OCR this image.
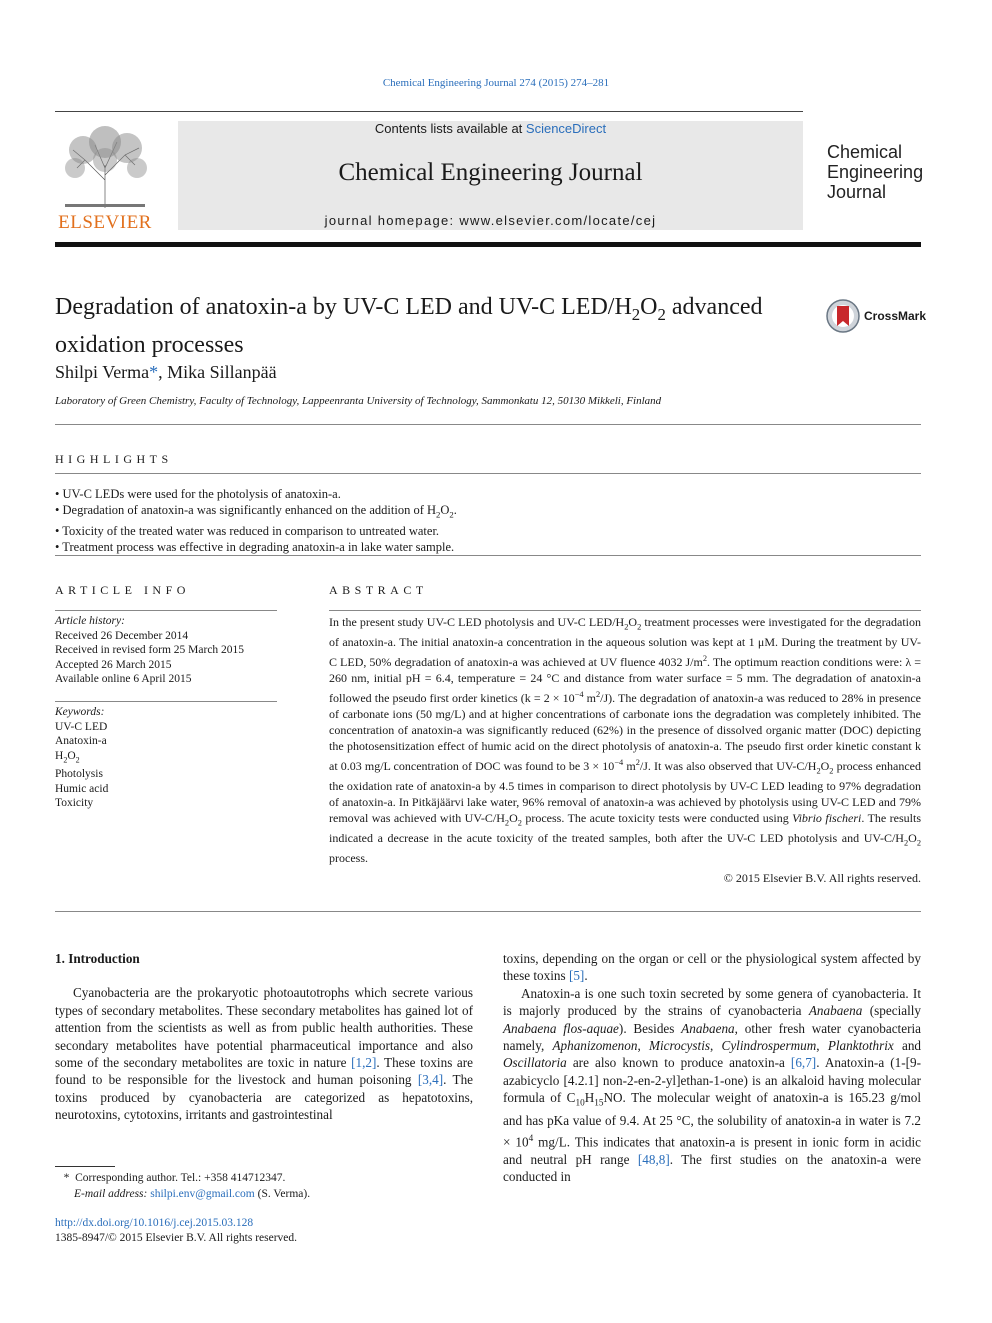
Chemical Engineering Journal 274 (2015) 274–281
ELSEVIER
Contents lists available at ScienceDirect
Chemical Engineering Journal
journal homepage: www.elsevier.com/locate/cej
Chemical
Engineering
Journal
Degradation of anatoxin-a by UV-C LED and UV-C LED/$H_2O_2$ advanced
oxidation processes
CrossMark
Shilpi Verma*, Mika Sillanpää
Laboratory of Green Chemistry, Faculty of Technology, Lappeenranta University of Technology, Sammonkatu 12, 50130 Mikkeli, Finland
HIGHLIGHTS
• UV-C LEDs were used for the photolysis of anatoxin-a.
• Degradation of anatoxin-a was significantly enhanced on the addition of $H_2O_2$.
• Toxicity of the treated water was reduced in comparison to untreated water.
• Treatment process was effective in degrading anatoxin-a in lake water sample.
ARTICLE INFO
Article history:
Received 26 December 2014
Received in revised form 25 March 2015
Accepted 26 March 2015
Available online 6 April 2015
Keywords:
UV-C LED
Anatoxin-a
$H_2O_2$
Photolysis
Humic acid
Toxicity
ABSTRACT
In the present study UV-C LED photolysis and UV-C LED/$H_2O_2$ treatment processes were investigated for the degradation of anatoxin-a. The initial anatoxin-a concentration in the aqueous solution was kept at 1 μM. During the treatment by UV-C LED, 50% degradation of anatoxin-a was achieved at UV fluence 4032 $J/m^2$. The optimum reaction conditions were: λ = 260 nm, initial pH = 6.4, temperature = 24 °C and distance from water surface = 5 mm. The degradation of anatoxin-a followed the pseudo first order kinetics ($k = 2 \times 10^{-4}$ $m^2/J$). The degradation of anatoxin-a was reduced to 28% in presence of carbonate ions (50 mg/L) and at higher concentrations of carbonate ions the degradation was completely inhibited. The concentration of anatoxin-a was significantly reduced (62%) in the presence of dissolved organic matter (DOC) depicting the photosensitization effect of humic acid on the direct photolysis of anatoxin-a. The pseudo first order kinetic constant k at 0.03 mg/L concentration of DOC was found to be $3 \times 10^{-4}$ $m^2/J$. It was also observed that $UV-C/H_2O_2$ process enhanced the oxidation rate of anatoxin-a by 4.5 times in comparison to direct photolysis by UV-C LED leading to 97% degradation of anatoxin-a. In Pitkäjäärvi lake water, 96% removal of anatoxin-a was achieved by photolysis using UV-C LED and 79% removal was achieved with $UV-C/H_2O_2$ process. The acute toxicity tests were conducted using Vibrio fischeri. The results indicated a decrease in the acute toxicity of the treated samples, both after the UV-C LED photolysis and $UV-C/H_2O_2$ process.
© 2015 Elsevier B.V. All rights reserved.

1. Introduction

Cyanobacteria are the prokaryotic photoautotrophs which secrete various types of secondary metabolites. These secondary metabolites has gained lot of attention from the scientists as well as from public health authorities. These secondary metabolites have potential pharmaceutical importance and also some of the secondary metabolites are toxic in nature [1,2]. These toxins are found to be responsible for the livestock and human poisoning [3,4]. The toxins produced by cyanobacteria are categorized as hepatotoxins, neurotoxins, cytotoxins, irritants and gastrointestinal

toxins, depending on the organ or cell or the physiological system affected by these toxins [5].

Anatoxin-a is one such toxin secreted by some genera of cyanobacteria. It is majorly produced by the strains of cyanobacteria Anabaena (specially Anabaena flos-aquae). Besides Anabaena, other fresh water cyanobacteria namely, Aphanizomenon, Microcystis, Cylindrospermum, Planktothrix and Oscillatoria are also known to produce anatoxin-a [6,7]. Anatoxin-a (1-[9-azabicyclo [4.2.1] non-2-en-2-yl]ethan-1-one) is an alkaloid having molecular formula of $C_{10}H_{15}NO$. The molecular weight of anatoxin-a is 165.23 g/mol and has pKa value of 9.4. At 25 °C, the solubility of anatoxin-a in water is $7.2 \times 10^4$ mg/L. This indicates that anatoxin-a is present in ionic form in acidic and neutral pH range [48,8]. The first studies on the anatoxin-a were conducted in

*  Corresponding author. Tel.: +358 414712347.
E-mail address: shilpi.env@gmail.com (S. Verma).
http://dx.doi.org/10.1016/j.cej.2015.03.128
1385-8947/© 2015 Elsevier B.V. All rights reserved.
